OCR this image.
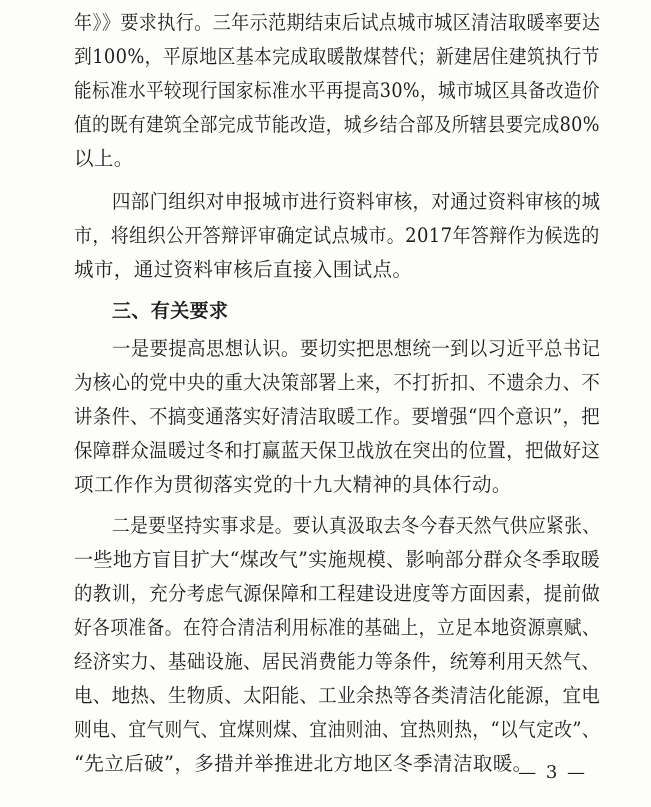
年》》要求执行。三年示范期结束后试点城市城区清洁取暖率要达
到100%，平原地区基本完成取暖散煤替代；新建居住建筑执行节
能标准水平较现行国家标准水平再提高30%，城市城区具备改造价
值的既有建筑全部完成节能改造，城乡结合部及所辖县要完成80%
以上。
四部门组织对申报城市进行资料审核，对通过资料审核的城
市，将组织公开答辩评审确定试点城市。2017年答辩作为候选的
城市，通过资料审核后直接入围试点。
三、有关要求
一是要提高思想认识。要切实把思想统一到以习近平总书记
为核心的党中央的重大决策部署上来，不打折扣、不遗余力、不
讲条件、不搞变通落实好清洁取暖工作。要增强“四个意识”，把
保障群众温暖过冬和打赢蓝天保卫战放在突出的位置，把做好这
项工作作为贯彻落实党的十九大精神的具体行动。
二是要坚持实事求是。要认真汲取去冬今春天然气供应紧张、
一些地方盲目扩大“煤改气”实施规模、影响部分群众冬季取暖
的教训，充分考虑气源保障和工程建设进度等方面因素，提前做
好各项准备。在符合清洁利用标准的基础上，立足本地资源禀赋、
经济实力、基础设施、居民消费能力等条件，统筹利用天然气、
电、地热、生物质、太阳能、工业余热等各类清洁化能源，宜电
则电、宜气则气、宜煤则煤、宜油则油、宜热则热，“以气定改”、
“先立后破”，多措并举推进北方地区冬季清洁取暖。
— 3 —
